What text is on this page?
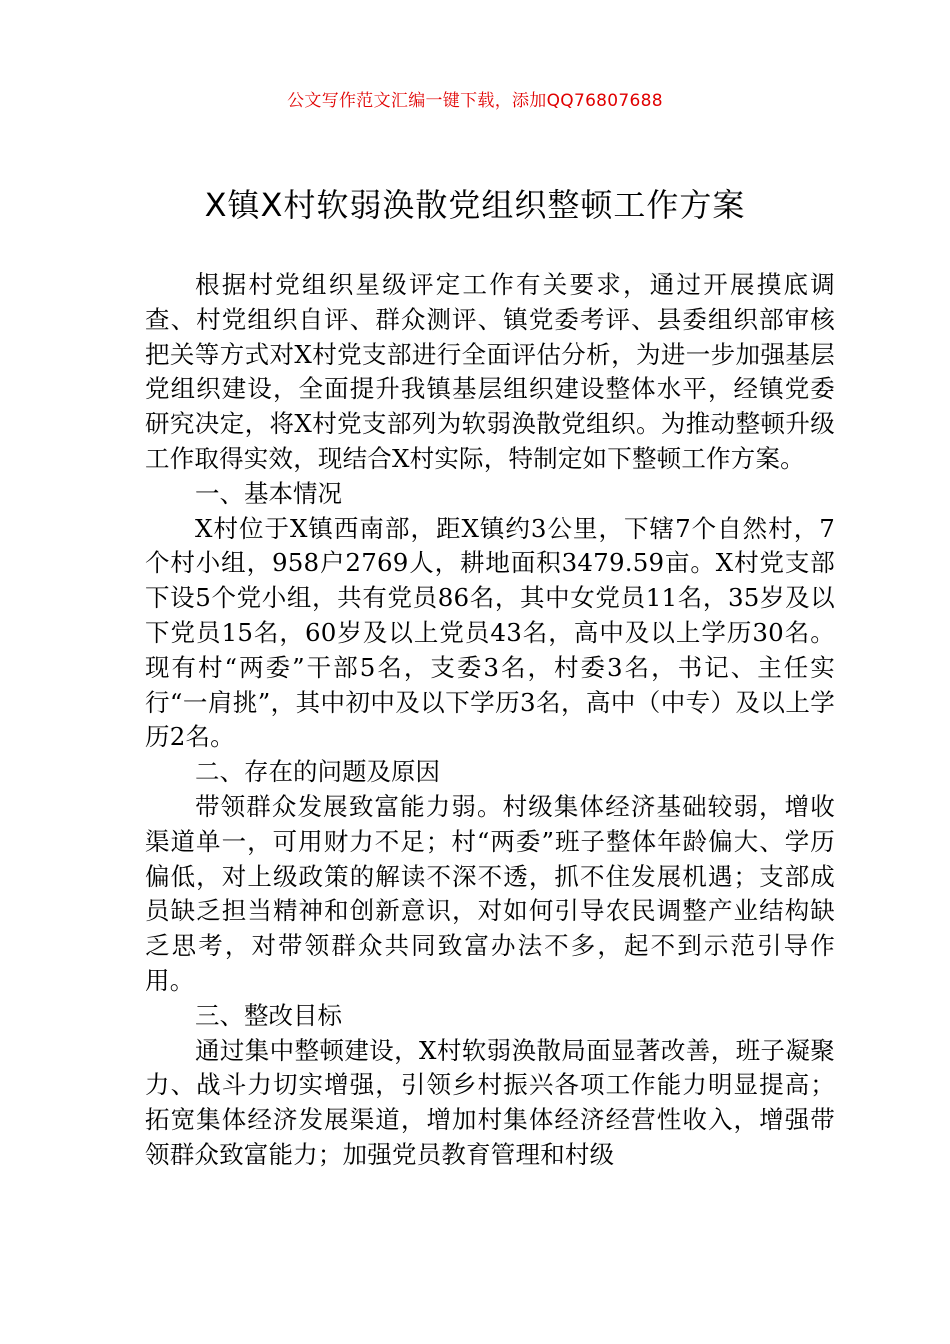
公文写作范文汇编一键下载，添加QQ76807688
X镇X村软弱涣散党组织整顿工作方案

根据村党组织星级评定工作有关要求，通过开展摸底调查、村党组织自评、群众测评、镇党委考评、县委组织部审核把关等方式对X村党支部进行全面评估分析，为进一步加强基层党组织建设，全面提升我镇基层组织建设整体水平，经镇党委研究决定，将X村党支部列为软弱涣散党组织。为推动整顿升级工作取得实效，现结合X村实际，特制定如下整顿工作方案。

一、基本情况

X村位于X镇西南部，距X镇约3公里，下辖7个自然村，7个村小组，958户2769人，耕地面积3479.59亩。X村党支部下设5个党小组，共有党员86名，其中女党员11名，35岁及以下党员15名，60岁及以上党员43名，高中及以上学历30名。现有村“两委”干部5名，支委3名，村委3名，书记、主任实行“一肩挑”，其中初中及以下学历3名，高中（中专）及以上学历2名。

二、存在的问题及原因

带领群众发展致富能力弱。村级集体经济基础较弱，增收渠道单一，可用财力不足；村“两委”班子整体年龄偏大、学历偏低，对上级政策的解读不深不透，抓不住发展机遇；支部成员缺乏担当精神和创新意识，对如何引导农民调整产业结构缺乏思考，对带领群众共同致富办法不多，起不到示范引导作用。

三、整改目标

通过集中整顿建设，X村软弱涣散局面显著改善，班子凝聚力、战斗力切实增强，引领乡村振兴各项工作能力明显提高；拓宽集体经济发展渠道，增加村集体经济经营性收入，增强带领群众致富能力；加强党员教育管理和村级
